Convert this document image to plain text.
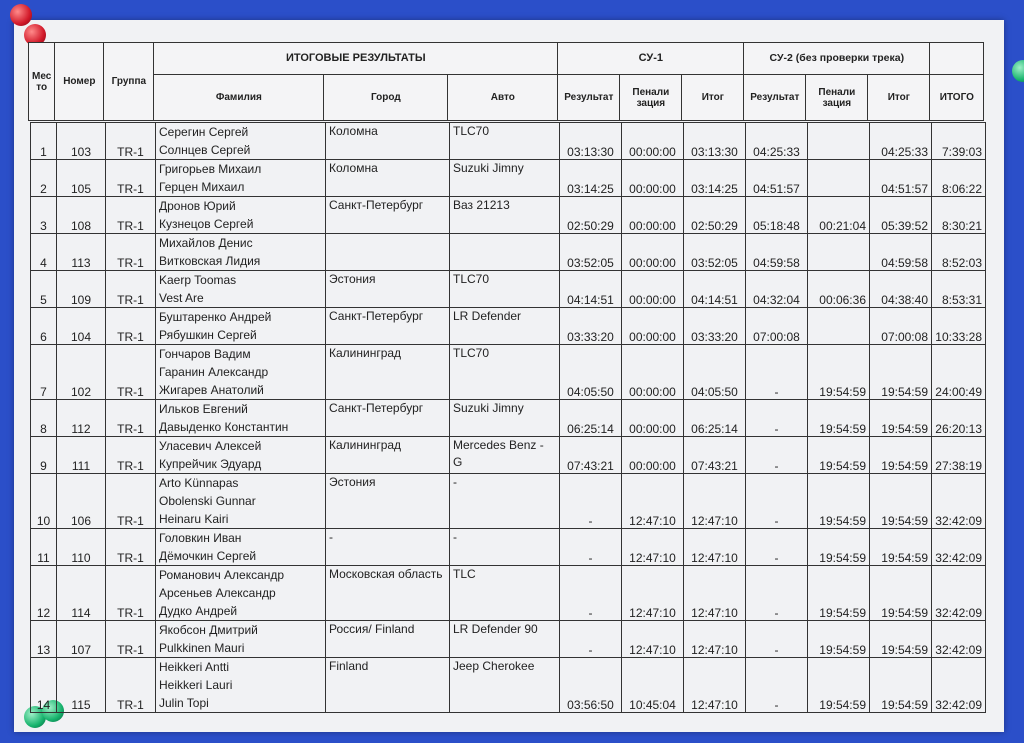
Мес то	Номер	Группа	ИТОГОВЫЕ РЕЗУЛЬТАТЫ			СУ-1			СУ-2 (без проверки трека)			
			Фамилия	Город	Авто	Результат	Пенали зация	Итог	Результат	Пенали зация	Итог	ИТОГО
1	103	TR-1	Серегин Сергей
Солнцев Сергей	Коломна	TLC70	03:13:30	00:00:00	03:13:30	04:25:33		04:25:33	7:39:03
2	105	TR-1	Григорьев Михаил
Герцен Михаил	Коломна	Suzuki Jimny	03:14:25	00:00:00	03:14:25	04:51:57		04:51:57	8:06:22
3	108	TR-1	Дронов Юрий
Кузнецов Сергей	Санкт-Петербург	Ваз 21213	02:50:29	00:00:00	02:50:29	05:18:48	00:21:04	05:39:52	8:30:21
4	113	TR-1	Михайлов Денис
Витковская Лидия			03:52:05	00:00:00	03:52:05	04:59:58		04:59:58	8:52:03
5	109	TR-1	Kaerp Toomas
Vest Are	Эстония	TLC70	04:14:51	00:00:00	04:14:51	04:32:04	00:06:36	04:38:40	8:53:31
6	104	TR-1	Буштаренко Андрей
Рябушкин Сергей	Санкт-Петербург	LR Defender	03:33:20	00:00:00	03:33:20	07:00:08		07:00:08	10:33:28
7	102	TR-1	Гончаров Вадим
Гаранин Александр
Жигарев Анатолий	Калининград	TLC70	04:05:50	00:00:00	04:05:50	-	19:54:59	19:54:59	24:00:49
8	112	TR-1	Ильков Евгений
Давыденко Константин	Санкт-Петербург	Suzuki Jimny	06:25:14	00:00:00	06:25:14	-	19:54:59	19:54:59	26:20:13
9	111	TR-1	Уласевич Алексей
Купрейчик Эдуард	Калининград	Mercedes Benz - G	07:43:21	00:00:00	07:43:21	-	19:54:59	19:54:59	27:38:19
10	106	TR-1	Arto Künnapas
Obolenski Gunnar
Heinaru Kairi	Эстония	-	-	12:47:10	12:47:10	-	19:54:59	19:54:59	32:42:09
11	110	TR-1	Головкин Иван
Дёмочкин Сергей	-	-	-	12:47:10	12:47:10	-	19:54:59	19:54:59	32:42:09
12	114	TR-1	Романович Александр
Арсеньев Александр
Дудко Андрей	Московская область	TLC	-	12:47:10	12:47:10	-	19:54:59	19:54:59	32:42:09
13	107	TR-1	Якобсон Дмитрий
Pulkkinen Mauri	Россия/ Finland	LR Defender 90	-	12:47:10	12:47:10	-	19:54:59	19:54:59	32:42:09
14	115	TR-1	Heikkeri Antti
Heikkeri Lauri
Julin Topi	Finland	Jeep Cherokee	03:56:50	10:45:04	12:47:10	-	19:54:59	19:54:59	32:42:09
